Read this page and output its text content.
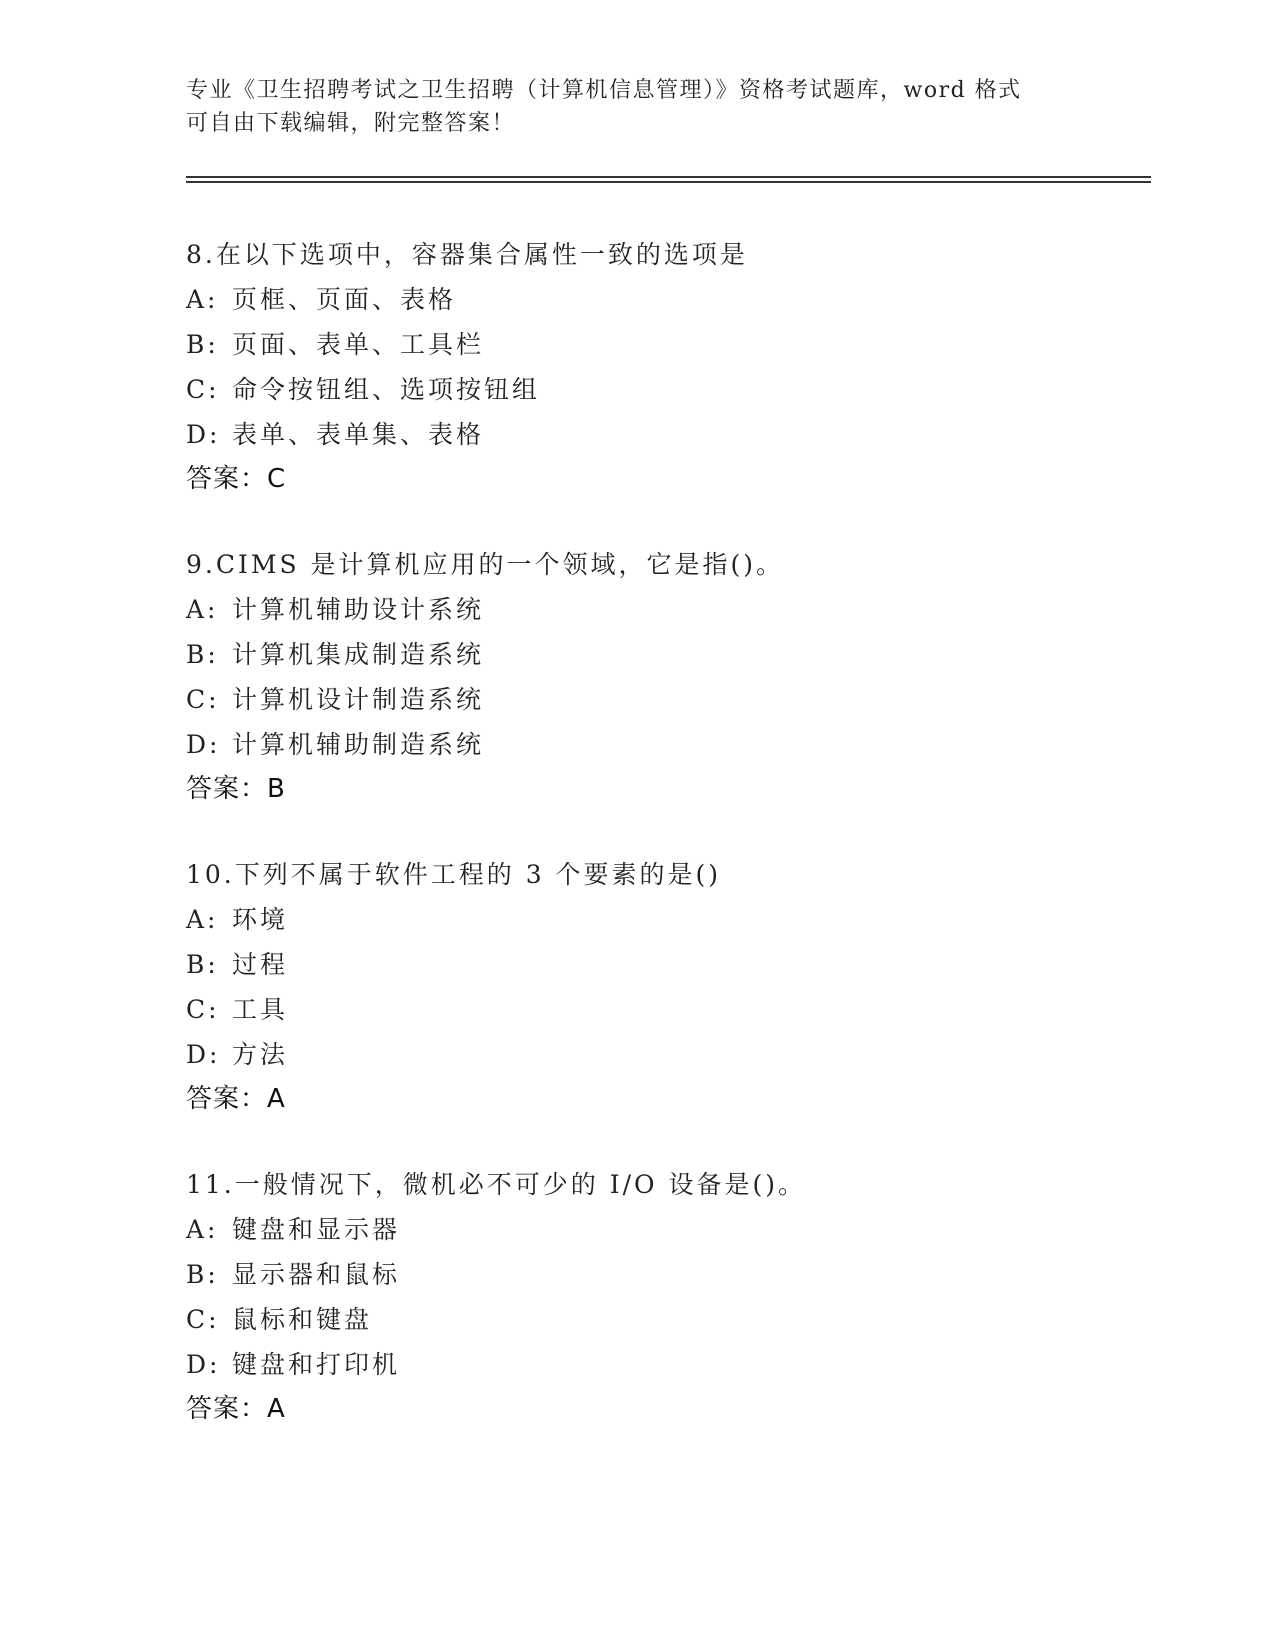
专业《卫生招聘考试之卫生招聘（计算机信息管理）》资格考试题库，word 格式
可自由下载编辑，附完整答案！
8.在以下选项中，容器集合属性一致的选项是
A: 页框、页面、表格
B: 页面、表单、工具栏
C: 命令按钮组、选项按钮组
D: 表单、表单集、表格
答案：C
9.CIMS 是计算机应用的一个领域，它是指()。
A: 计算机辅助设计系统
B: 计算机集成制造系统
C: 计算机设计制造系统
D: 计算机辅助制造系统
答案：B
10.下列不属于软件工程的 3 个要素的是()
A: 环境
B: 过程
C: 工具
D: 方法
答案：A
11.一般情况下，微机必不可少的 I/O 设备是()。
A: 键盘和显示器
B: 显示器和鼠标
C: 鼠标和键盘
D: 键盘和打印机
答案：A
